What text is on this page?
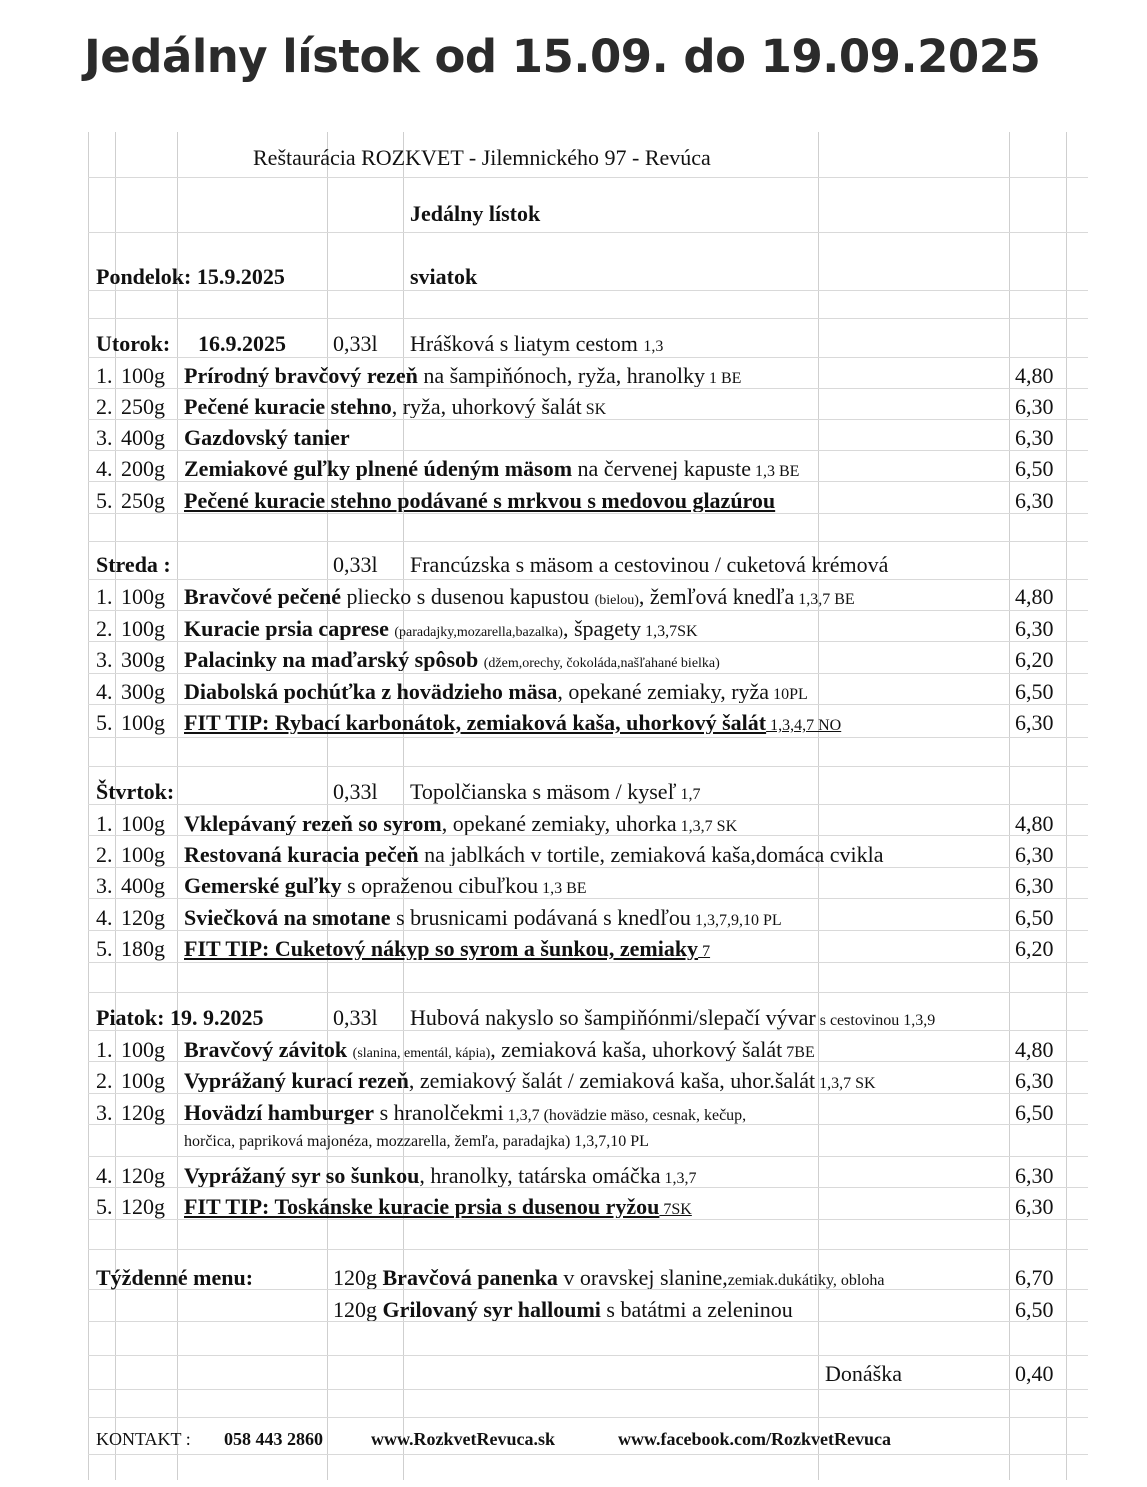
Jedálny lístok od 15.09. do 19.09.2025
Reštaurácia ROZKVET - Jilemnického 97 - Revúca
Jedálny lístok
Pondelok: 15.9.2025	sviatok
Utorok: 16.9.2025 0,33l Hrášková s liatym cestom 1,3
1. 100g Prírodný bravčový rezeň na šampiňónoch, ryža, hranolky 1 BE	4,80
2. 250g Pečené kuracie stehno, ryža, uhorkový šalát SK	6,30
3. 400g Gazdovský tanier	6,30
4. 200g Zemiakové guľky plnené údeným mäsom na červenej kapuste 1,3 BE	6,50
5. 250g Pečené kuracie stehno podávané s mrkvou s medovou glazúrou	6,30
Streda :	0,33l Francúzska s mäsom a cestovinou / cuketová krémová
1. 100g Bravčové pečené pliecko s dusenou kapustou (bielou), žemľová knedľa 1,3,7 BE	4,80
2. 100g Kuracie prsia caprese (paradajky,mozarella,bazalka), špagety 1,3,7SK	6,30
3. 300g Palacinky na maďarský spôsob (džem,orechy, čokoláda,našľahané bielka)	6,20
4. 300g Diabolská pochúťka z hovädzieho mäsa, opekané zemiaky, ryža 10PL	6,50
5. 100g FIT TIP: Rybací karbonátok, zemiaková kaša, uhorkový šalát 1,3,4,7 NO	6,30
Štvrtok:	0,33l Topolčianska s mäsom / kyseľ 1,7
1. 100g Vklepávaný rezeň so syrom, opekané zemiaky, uhorka 1,3,7 SK	4,80
2. 100g Restovaná kuracia pečeň na jablkách v tortile, zemiaková kaša,domáca cvikla	6,30
3. 400g Gemerské guľky s opraženou cibuľkou 1,3 BE	6,30
4. 120g Sviečková na smotane s brusnicami podávaná s knedľou 1,3,7,9,10 PL	6,50
5. 180g FIT TIP: Cuketový nákyp so syrom a šunkou, zemiaky 7	6,20
Piatok: 19. 9.2025	0,33l Hubová nakyslo so šampiňónmi/slepačí vývar s cestovinou 1,3,9
1. 100g Bravčový závitok (slanina, ementál, kápia), zemiaková kaša, uhorkový šalát 7BE	4,80
2. 100g Vyprážaný kurací rezeň, zemiakový šalát / zemiaková kaša, uhor.šalát 1,3,7 SK	6,30
3. 120g Hovädzí hamburger s hranolčekmi 1,3,7 (hovädzie mäso, cesnak, kečup,	6,50
horčica, papriková majonéza, mozzarella, žemľa, paradajka) 1,3,7,10 PL
4. 120g Vyprážaný syr so šunkou, hranolky, tatárska omáčka 1,3,7	6,30
5. 120g FIT TIP: Toskánske kuracie prsia s dusenou ryžou 7SK	6,30
Týždenné menu:	120g Bravčová panenka v oravskej slanine,zemiak.dukátiky, obloha	6,70
120g Grilovaný syr halloumi s batátmi a zeleninou	6,50
Donáška	0,40
KONTAKT : 058 443 2860	www.RozkvetRevuca.sk	www.facebook.com/RozkvetRevuca
